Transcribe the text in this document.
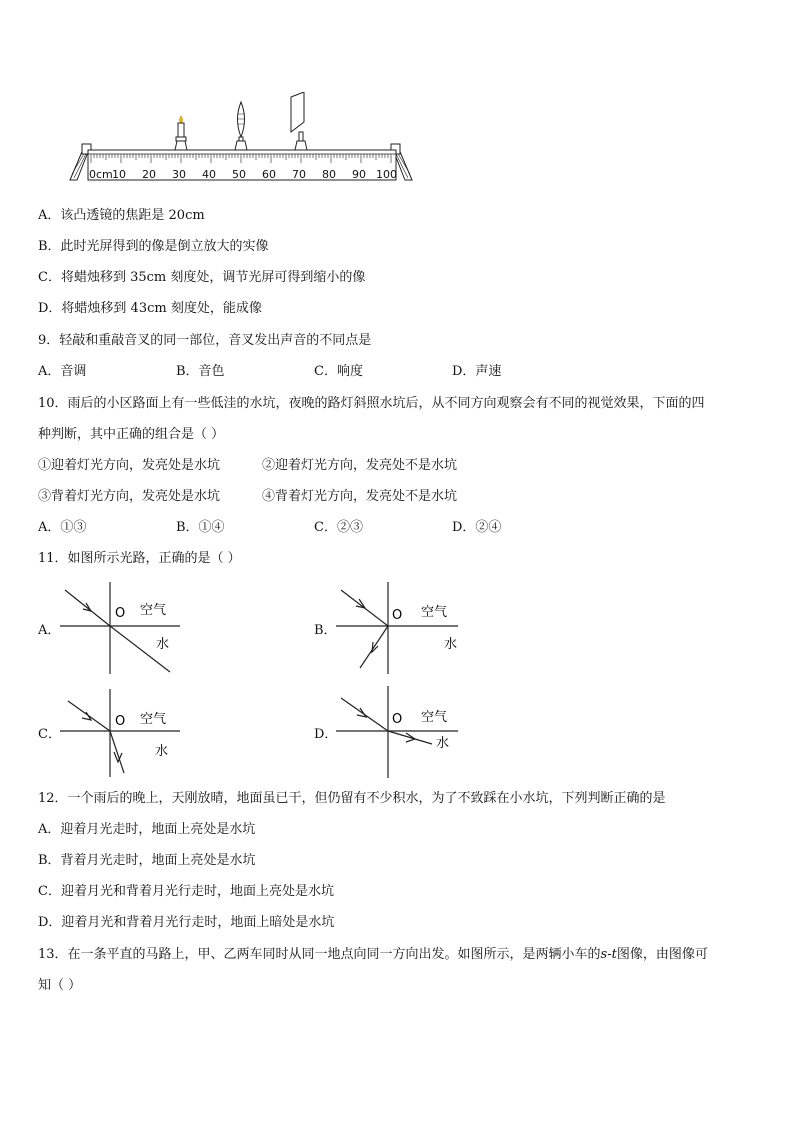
0cm 10 20 30 40 50 60 70 80 90 100
A．该凸透镜的焦距是 20cm
B．此时光屏得到的像是倒立放大的实像
C．将蜡烛移到 35cm 刻度处，调节光屏可得到缩小的像
D．将蜡烛移到 43cm 刻度处，能成像
9．轻敲和重敲音叉的同一部位，音叉发出声音的不同点是
A．音调	B．音色	C．响度	D．声速
10．雨后的小区路面上有一些低洼的水坑，夜晚的路灯斜照水坑后，从不同方向观察会有不同的视觉效果，下面的四
种判断，其中正确的组合是（ ）
①迎着灯光方向，发亮处是水坑	②迎着灯光方向，发亮处不是水坑
③背着灯光方向，发亮处是水坑	④背着灯光方向，发亮处不是水坑
A．①③	B．①④	C．②③	D．②④
11．如图所示光路，正确的是（ ）
A．
O 空气
水
B．
O 空气
水
C．
O 空气
水
D．
O 空气
水
12．一个雨后的晚上，天刚放晴，地面虽已干，但仍留有不少积水，为了不致踩在小水坑，下列判断正确的是
A．迎着月光走时，地面上亮处是水坑
B．背着月光走时，地面上亮处是水坑
C．迎着月光和背着月光行走时，地面上亮处是水坑
D．迎着月光和背着月光行走时，地面上暗处是水坑
13．在一条平直的马路上，甲、乙两车同时从同一地点向同一方向出发。如图所示，是两辆小车的s-t图像，由图像可
知（ ）
